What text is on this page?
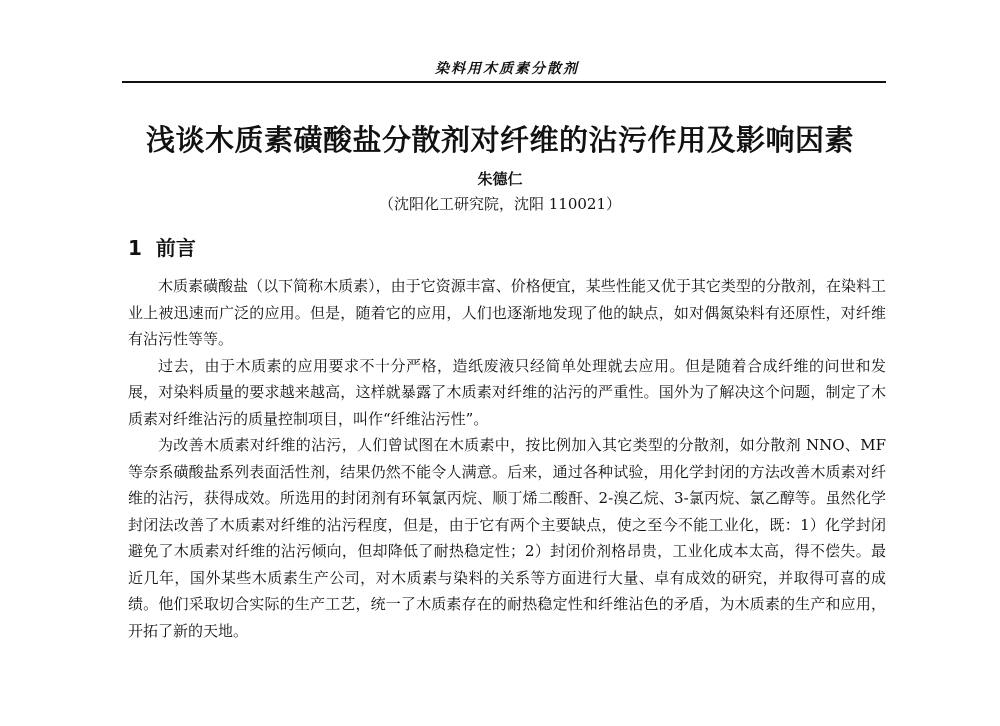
染料用木质素分散剂
浅谈木质素磺酸盐分散剂对纤维的沾污作用及影响因素
朱德仁
（沈阳化工研究院，沈阳 110021）
1 前言

木质素磺酸盐（以下简称木质素），由于它资源丰富、价格便宜，某些性能又优于其它类型的分散剂，在染料工业上被迅速而广泛的应用。但是，随着它的应用，人们也逐渐地发现了他的缺点，如对偶氮染料有还原性，对纤维有沾污性等等。

过去，由于木质素的应用要求不十分严格，造纸废液只经简单处理就去应用。但是随着合成纤维的问世和发展，对染料质量的要求越来越高，这样就暴露了木质素对纤维的沾污的严重性。国外为了解决这个问题，制定了木质素对纤维沾污的质量控制项目，叫作“纤维沾污性”。

为改善木质素对纤维的沾污，人们曾试图在木质素中，按比例加入其它类型的分散剂，如分散剂 NNO、MF 等奈系磺酸盐系列表面活性剂，结果仍然不能令人满意。后来，通过各种试验，用化学封闭的方法改善木质素对纤维的沾污，获得成效。所选用的封闭剂有环氧氯丙烷、顺丁烯二酸酐、2-溴乙烷、3-氯丙烷、氯乙醇等。虽然化学封闭法改善了木质素对纤维的沾污程度，但是，由于它有两个主要缺点，使之至今不能工业化，既：1）化学封闭避免了木质素对纤维的沾污倾向，但却降低了耐热稳定性；2）封闭价剂格昂贵，工业化成本太高，得不偿失。最近几年，国外某些木质素生产公司，对木质素与染料的关系等方面进行大量、卓有成效的研究，并取得可喜的成绩。他们采取切合实际的生产工艺，统一了木质素存在的耐热稳定性和纤维沾色的矛盾，为木质素的生产和应用，开拓了新的天地。
